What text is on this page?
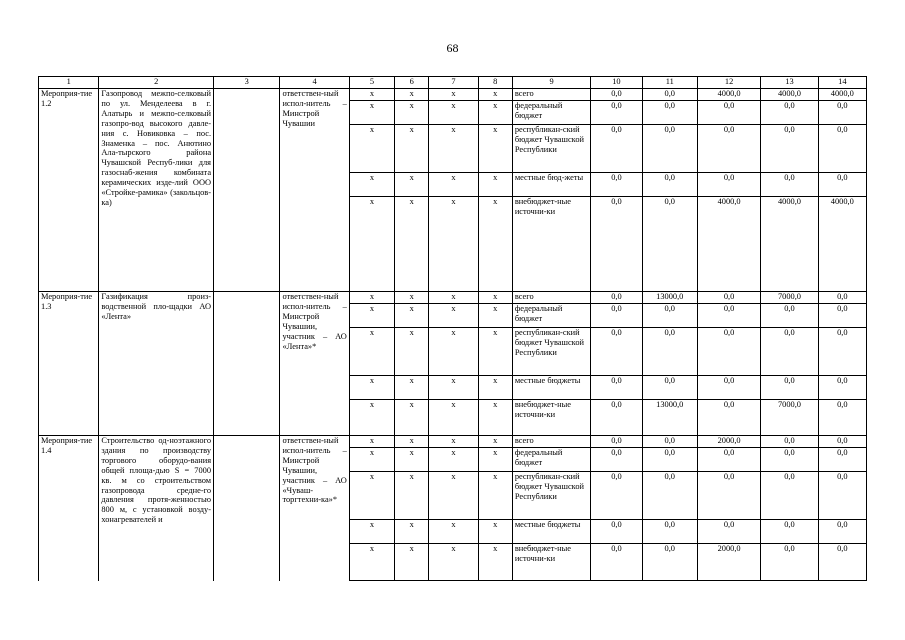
68
1	2	3	4	5	6	7	8	9	10	11	12	13	14
Мероприя-тие 1.2	Газопровод межпо-селковый по ул. Менделеева в г. Алатырь и межпо-селковый газопро-вод высокого давле-ния с. Новиковка – пос. Знаменка – пос. Анютино Ала-тырского района Чувашской Респуб-лики для газоснаб-жения комбината керамических изде-лий ООО «Стройке-рамика» (закольцов-ка)		ответствен-ный испол-нитель – Минстрой Чувашии	x	x	x	x	всего	0,0	0,0	4000,0	4000,0	4000,0
				x	x	x	x	федеральный бюджет	0,0	0,0	0,0	0,0	0,0
				x	x	x	x	республикан-ский бюджет Чувашской Республики	0,0	0,0	0,0	0,0	0,0
				x	x	x	x	местные бюд-жеты	0,0	0,0	0,0	0,0	0,0
				x	x	x	x	внебюджет-ные источни-ки	0,0	0,0	4000,0	4000,0	4000,0
Мероприя-тие 1.3	Газификация произ-водственной пло-щадки АО «Лента»		ответствен-ный испол-нитель – Минстрой Чувашии, участник – АО «Лента»*	x	x	x	x	всего	0,0	13000,0	0,0	7000,0	0,0
				x	x	x	x	федеральный бюджет	0,0	0,0	0,0	0,0	0,0
				x	x	x	x	республикан-ский бюджет Чувашской Республики	0,0	0,0	0,0	0,0	0,0
				x	x	x	x	местные бюджеты	0,0	0,0	0,0	0,0	0,0
				x	x	x	x	внебюджет-ные источни-ки	0,0	13000,0	0,0	7000,0	0,0
Мероприя-тие 1.4	Строительство од-ноэтажного здания по производству торгового оборудо-вания общей площа-дью S = 7000 кв. м со строительством газопровода средне-го давления протя-женностью 800 м, с установкой возду-хонагревателей и		ответствен-ный испол-нитель – Минстрой Чувашии, участник – АО «Чуваш-торгтехни-ка»*	x	x	x	x	всего	0,0	0,0	2000,0	0,0	0,0
				x	x	x	x	федеральный бюджет	0,0	0,0	0,0	0,0	0,0
				x	x	x	x	республикан-ский бюджет Чувашской Республики	0,0	0,0	0,0	0,0	0,0
				x	x	x	x	местные бюджеты	0,0	0,0	0,0	0,0	0,0
				x	x	x	x	внебюджет-ные источни-ки	0,0	0,0	2000,0	0,0	0,0
